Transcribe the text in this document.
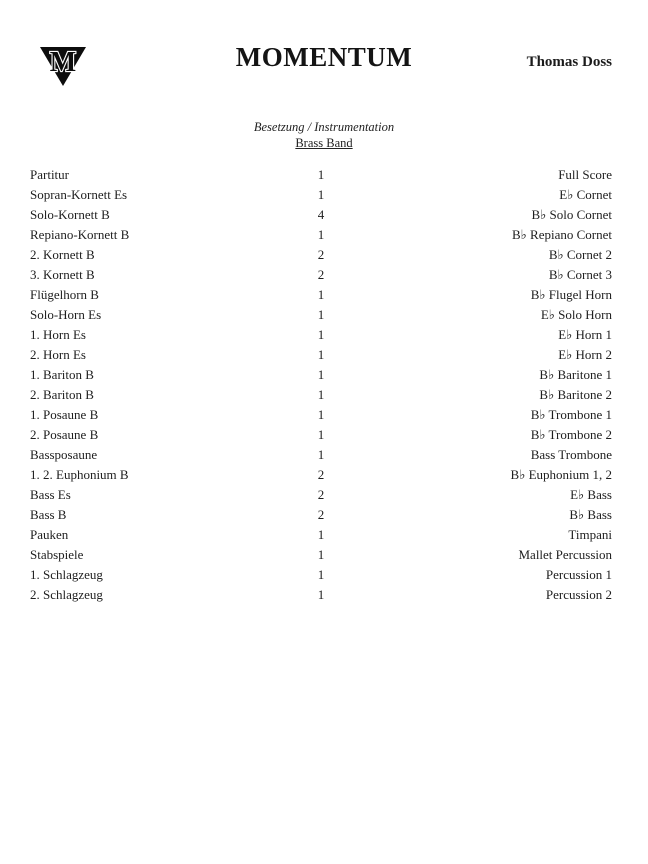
M	MOMENTUM	Thomas Doss
Besetzung / Instrumentation
Brass Band
Partitur	1	Full Score
Sopran-Kornett Es	1	E♭ Cornet
Solo-Kornett B	4	B♭ Solo Cornet
Repiano-Kornett B	1	B♭ Repiano Cornet
2. Kornett B	2	B♭ Cornet 2
3. Kornett B	2	B♭ Cornet 3
Flügelhorn B	1	B♭ Flugel Horn
Solo-Horn Es	1	E♭ Solo Horn
1. Horn Es	1	E♭ Horn 1
2. Horn Es	1	E♭ Horn 2
1. Bariton B	1	B♭ Baritone 1
2. Bariton B	1	B♭ Baritone 2
1. Posaune B	1	B♭ Trombone 1
2. Posaune B	1	B♭ Trombone 2
Bassposaune	1	Bass Trombone
1. 2. Euphonium B	2	B♭ Euphonium 1, 2
Bass Es	2	E♭ Bass
Bass B	2	B♭ Bass
Pauken	1	Timpani
Stabspiele	1	Mallet Percussion
1. Schlagzeug	1	Percussion 1
2. Schlagzeug	1	Percussion 2
